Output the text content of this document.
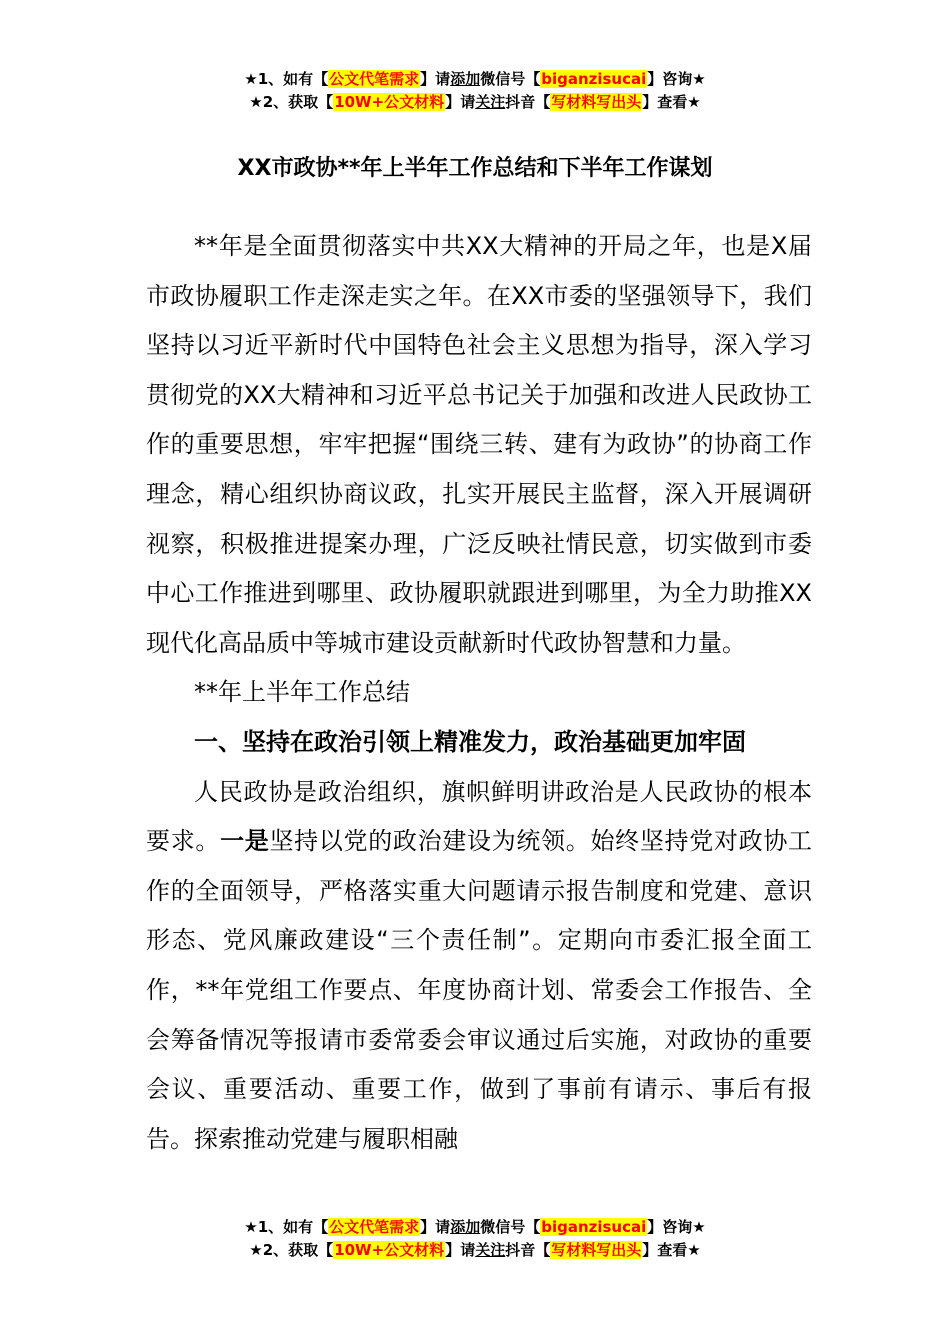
★1、如有【公文代笔需求】请添加微信号【biganzisucai】咨询★
★2、获取【10W+公文材料】请关注抖音【写材料写出头】查看★
XX市政协**年上半年工作总结和下半年工作谋划

**年是全面贯彻落实中共XX大精神的开局之年，也是X届市政协履职工作走深走实之年。在XX市委的坚强领导下，我们坚持以习近平新时代中国特色社会主义思想为指导，深入学习贯彻党的XX大精神和习近平总书记关于加强和改进人民政协工作的重要思想，牢牢把握“围绕三转、建有为政协”的协商工作理念，精心组织协商议政，扎实开展民主监督，深入开展调研视察，积极推进提案办理，广泛反映社情民意，切实做到市委中心工作推进到哪里、政协履职就跟进到哪里，为全力助推XX现代化高品质中等城市建设贡献新时代政协智慧和力量。

**年上半年工作总结

一、坚持在政治引领上精准发力，政治基础更加牢固

人民政协是政治组织，旗帜鲜明讲政治是人民政协的根本要求。一是坚持以党的政治建设为统领。始终坚持党对政协工作的全面领导，严格落实重大问题请示报告制度和党建、意识形态、党风廉政建设“三个责任制”。定期向市委汇报全面工作，**年党组工作要点、年度协商计划、常委会工作报告、全会筹备情况等报请市委常委会审议通过后实施，对政协的重要会议、重要活动、重要工作，做到了事前有请示、事后有报告。探索推动党建与履职相融

★1、如有【公文代笔需求】请添加微信号【biganzisucai】咨询★
★2、获取【10W+公文材料】请关注抖音【写材料写出头】查看★
